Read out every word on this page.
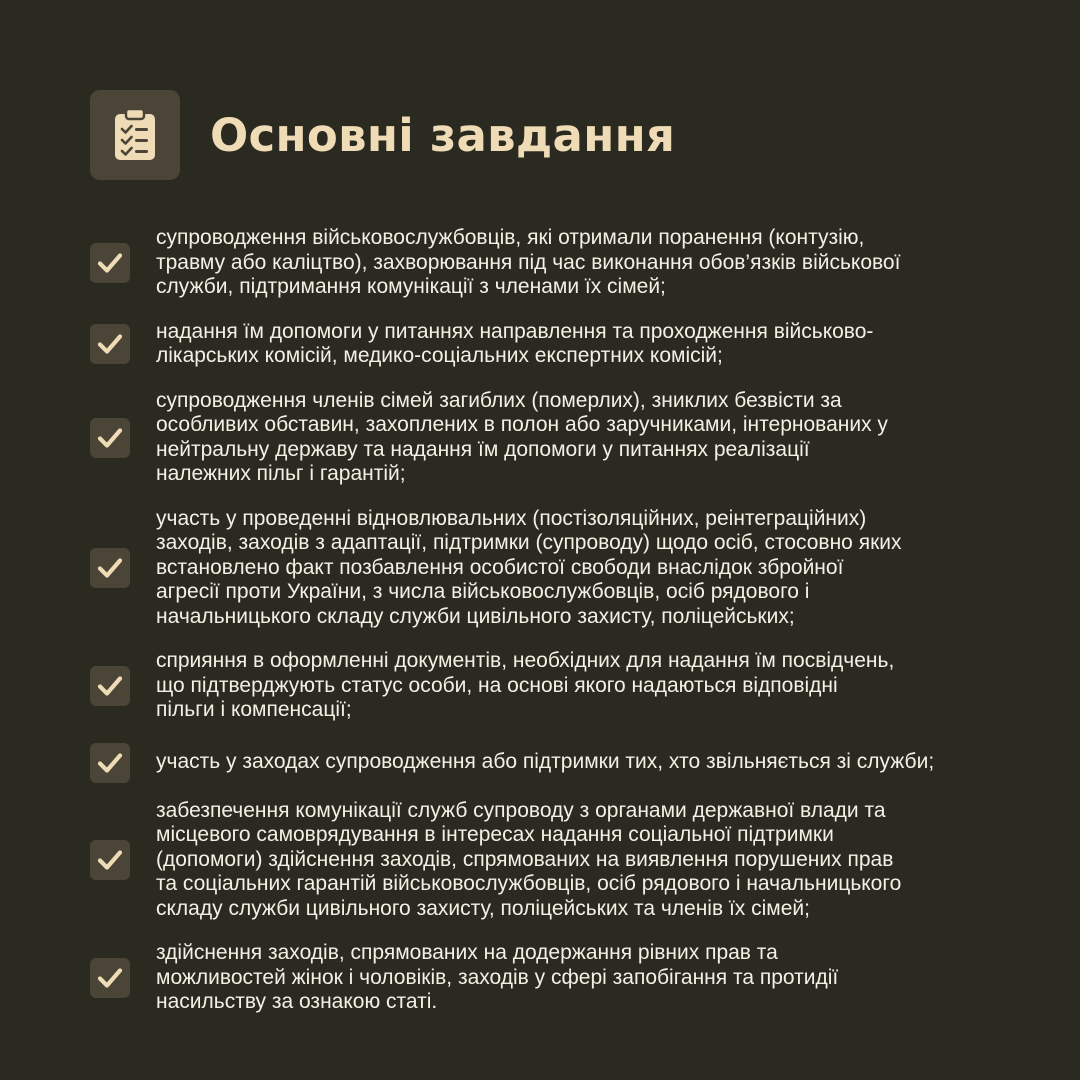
Основні завдання
супроводження військовослужбовців, які отримали поранення (контузію,
травму або каліцтво), захворювання під час виконання обов’язків військової
служби, підтримання комунікації з членами їх сімей;
надання їм допомоги у питаннях направлення та проходження військово-
лікарських комісій, медико-соціальних експертних комісій;
супроводження членів сімей загиблих (померлих), зниклих безвісти за
особливих обставин, захоплених в полон або заручниками, інтернованих у
нейтральну державу та надання їм допомоги у питаннях реалізації
належних пільг і гарантій;
участь у проведенні відновлювальних (постізоляційних, реінтеграційних)
заходів, заходів з адаптації, підтримки (супроводу) щодо осіб, стосовно яких
встановлено факт позбавлення особистої свободи внаслідок збройної
агресії проти України, з числа військовослужбовців, осіб рядового і
начальницького складу служби цивільного захисту, поліцейських;
сприяння в оформленні документів, необхідних для надання їм посвідчень,
що підтверджують статус особи, на основі якого надаються відповідні
пільги і компенсації;
участь у заходах супроводження або підтримки тих, хто звільняється зі служби;
забезпечення комунікації служб супроводу з органами державної влади та
місцевого самоврядування в інтересах надання соціальної підтримки
(допомоги) здійснення заходів, спрямованих на виявлення порушених прав
та соціальних гарантій військовослужбовців, осіб рядового і начальницького
складу служби цивільного захисту, поліцейських та членів їх сімей;
здійснення заходів, спрямованих на додержання рівних прав та
можливостей жінок і чоловіків, заходів у сфері запобігання та протидії
насильству за ознакою статі.
